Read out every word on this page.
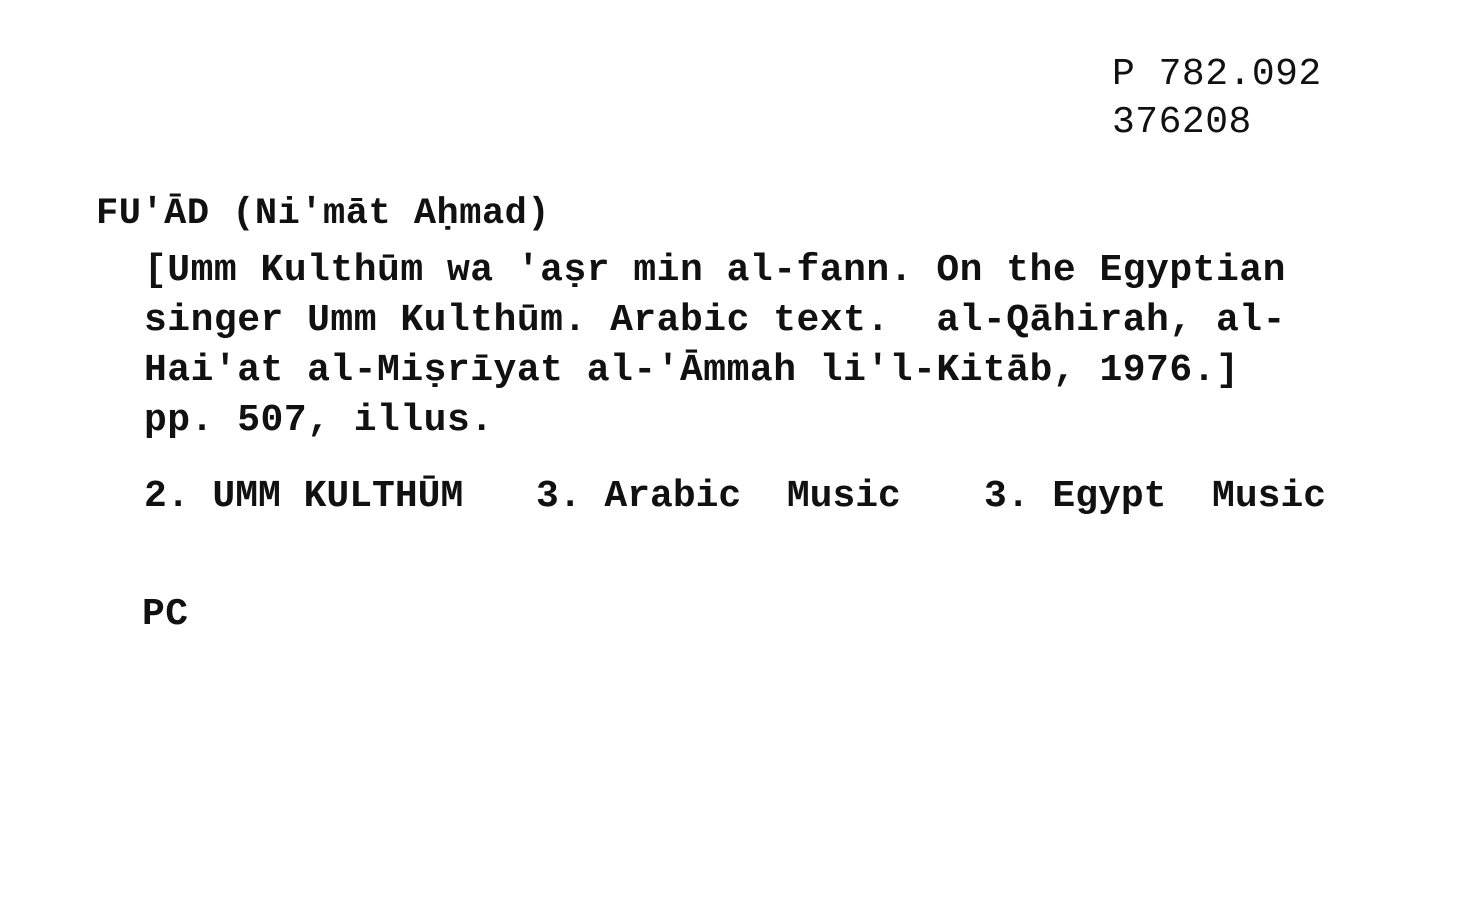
P 782.092
376208
FU'ĀD (Ni'māt Aḥmad)
[Umm Kulthūm wa 'aṣr min al-fann. On the Egyptian
singer Umm Kulthūm. Arabic text.  al-Qāhirah, al-
Hai'at al-Miṣrīyat al-'Āmmah li'l-Kitāb, 1976.]
pp. 507, illus.
2. UMM KULTHŪM 3. Arabic  Music 3. Egypt  Music
PC
